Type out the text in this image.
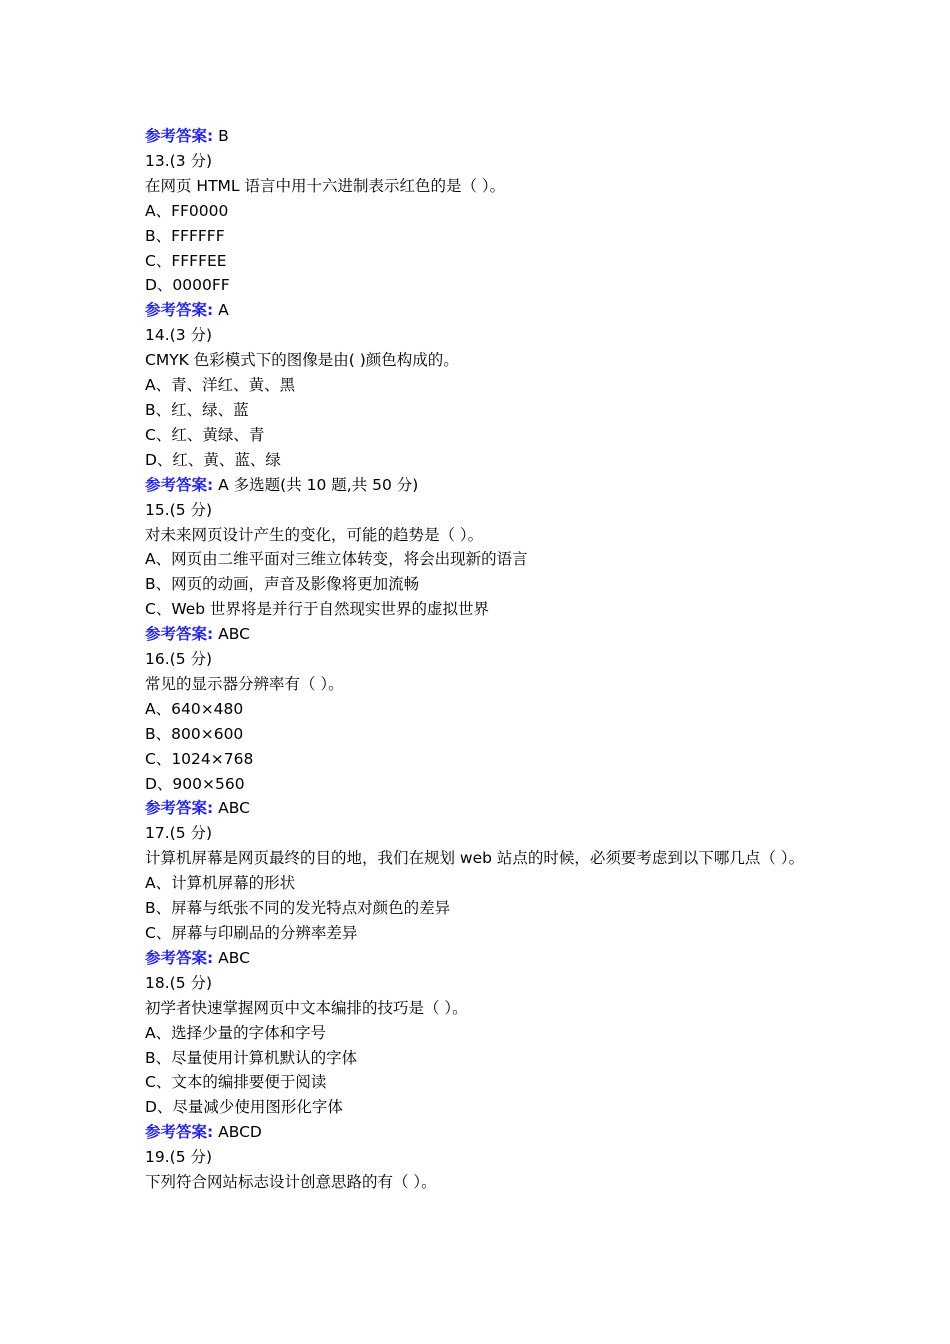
参考答案: B

13.(3 分)

在网页 HTML 语言中用十六进制表示红色的是（ ）。

A、FF0000

B、FFFFFF

C、FFFFEE

D、0000FF

参考答案: A

14.(3 分)

CMYK 色彩模式下的图像是由( )颜色构成的。

A、青、洋红、黄、黑

B、红、绿、蓝

C、红、黄绿、青

D、红、黄、蓝、绿

参考答案: A 多选题(共 10 题,共 50 分)

15.(5 分)

对未来网页设计产生的变化，可能的趋势是（ ）。

A、网页由二维平面对三维立体转变，将会出现新的语言

B、网页的动画，声音及影像将更加流畅

C、Web 世界将是并行于自然现实世界的虚拟世界

参考答案: ABC

16.(5 分)

常见的显示器分辨率有（ ）。

A、640×480

B、800×600

C、1024×768

D、900×560

参考答案: ABC

17.(5 分)

计算机屏幕是网页最终的目的地，我们在规划 web 站点的时候，必须要考虑到以下哪几点（ ）。

A、计算机屏幕的形状

B、屏幕与纸张不同的发光特点对颜色的差异

C、屏幕与印刷品的分辨率差异

参考答案: ABC

18.(5 分)

初学者快速掌握网页中文本编排的技巧是（ ）。

A、选择少量的字体和字号

B、尽量使用计算机默认的字体

C、文本的编排要便于阅读

D、尽量减少使用图形化字体

参考答案: ABCD

19.(5 分)

下列符合网站标志设计创意思路的有（ ）。
